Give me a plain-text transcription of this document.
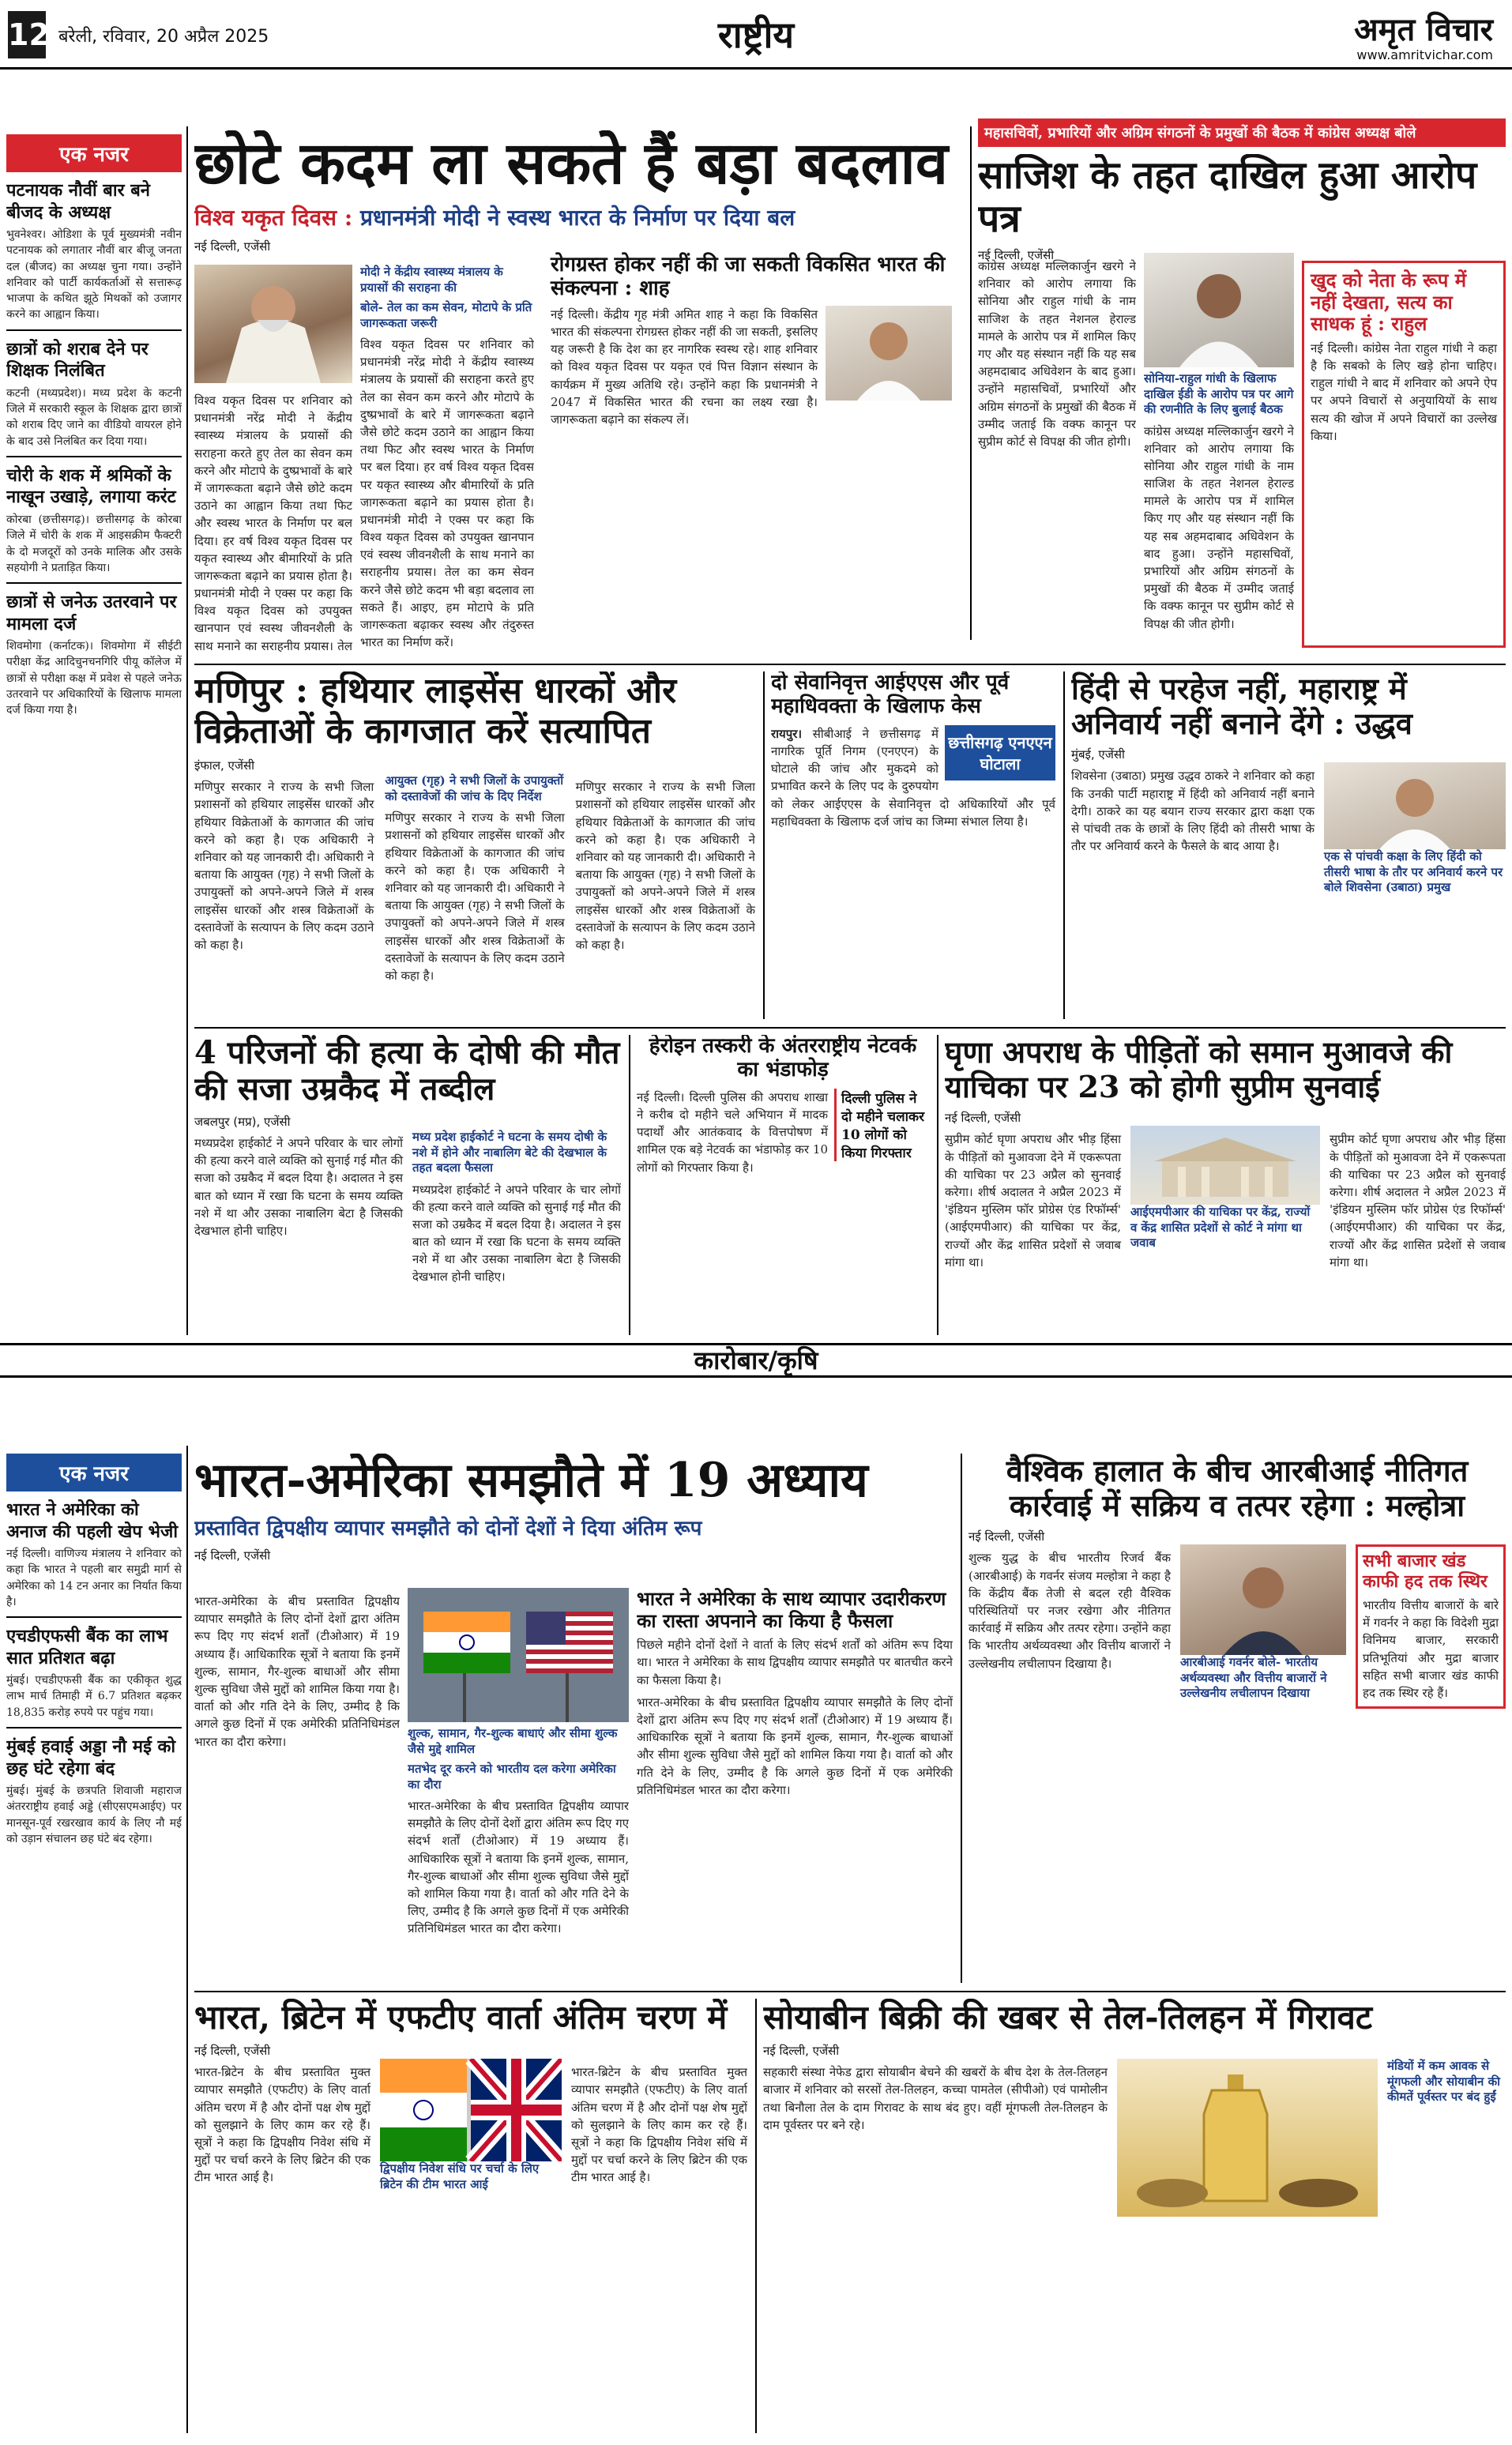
12 बरेली, रविवार, 20 अप्रैल 2025	राष्ट्रीय	अमृत विचार
www.amritvichar.com
एक नजर
पटनायक नौवीं बार बने बीजद के अध्यक्ष
भुवनेश्वर। ओडिशा के पूर्व मुख्यमंत्री नवीन पटनायक को लगातार नौवीं बार बीजू जनता दल (बीजद) का अध्यक्ष चुना गया। उन्होंने शनिवार को पार्टी कार्यकर्ताओं से सत्तारूढ़ भाजपा के कथित झूठे मिथकों को उजागर करने का आह्वान किया।
छात्रों को शराब देने पर शिक्षक निलंबित
कटनी (मध्यप्रदेश)। मध्य प्रदेश के कटनी जिले में सरकारी स्कूल के शिक्षक द्वारा छात्रों को शराब दिए जाने का वीडियो वायरल होने के बाद उसे निलंबित कर दिया गया।
चोरी के शक में श्रमिकों के नाखून उखाड़े, लगाया करंट
कोरबा (छत्तीसगढ़)। छत्तीसगढ़ के कोरबा जिले में चोरी के शक में आइसक्रीम फैक्टरी के दो मजदूरों को उनके मालिक और उसके सहयोगी ने प्रताड़ित किया।
छात्रों से जनेऊ उतरवाने पर मामला दर्ज
शिवमोगा (कर्नाटक)। शिवमोगा में सीईटी परीक्षा केंद्र आदिचुनचनगिरि पीयू कॉलेज में छात्रों से परीक्षा कक्ष में प्रवेश से पहले जनेऊ उतरवाने पर अधिकारियों के खिलाफ मामला दर्ज किया गया है।
छोटे कदम ला सकते हैं बड़ा बदलाव
विश्व यकृत दिवस : प्रधानमंत्री मोदी ने स्वस्थ भारत के निर्माण पर दिया बल
नई दिल्ली, एजेंसी
विश्व यकृत दिवस पर शनिवार को प्रधानमंत्री नरेंद्र मोदी ने केंद्रीय स्वास्थ्य मंत्रालय के प्रयासों की सराहना करते हुए तेल का सेवन कम करने और मोटापे के दुष्प्रभावों के बारे में जागरूकता बढ़ाने जैसे छोटे कदम उठाने का आह्वान किया तथा फिट और स्वस्थ भारत के निर्माण पर बल दिया। हर वर्ष विश्व यकृत दिवस पर यकृत स्वास्थ्य और बीमारियों के प्रति जागरूकता बढ़ाने का प्रयास होता है। प्रधानमंत्री मोदी ने एक्स पर कहा कि विश्व यकृत दिवस को उपयुक्त खानपान एवं स्वस्थ जीवनशैली के साथ मनाने का सराहनीय प्रयास। तेल
मोदी ने केंद्रीय स्वास्थ्य मंत्रालय के प्रयासों की सराहना की
बोले- तेल का कम सेवन, मोटापे के प्रति जागरूकता जरूरी
विश्व यकृत दिवस पर शनिवार को प्रधानमंत्री नरेंद्र मोदी ने केंद्रीय स्वास्थ्य मंत्रालय के प्रयासों की सराहना करते हुए तेल का सेवन कम करने और मोटापे के दुष्प्रभावों के बारे में जागरूकता बढ़ाने जैसे छोटे कदम उठाने का आह्वान किया तथा फिट और स्वस्थ भारत के निर्माण पर बल दिया। हर वर्ष विश्व यकृत दिवस पर यकृत स्वास्थ्य और बीमारियों के प्रति जागरूकता बढ़ाने का प्रयास होता है। प्रधानमंत्री मोदी ने एक्स पर कहा कि विश्व यकृत दिवस को उपयुक्त खानपान एवं स्वस्थ जीवनशैली के साथ मनाने का सराहनीय प्रयास। तेल का कम सेवन करने जैसे छोटे कदम भी बड़ा बदलाव ला सकते हैं। आइए, हम मोटापे के प्रति जागरूकता बढ़ाकर स्वस्थ और तंदुरुस्त भारत का निर्माण करें।
रोगग्रस्त होकर नहीं की जा सकती विकसित भारत की संकल्पना : शाह
नई दिल्ली। केंद्रीय गृह मंत्री अमित शाह ने कहा कि विकसित भारत की संकल्पना रोगग्रस्त होकर नहीं की जा सकती, इसलिए यह जरूरी है कि देश का हर नागरिक स्वस्थ रहे। शाह शनिवार को विश्व यकृत दिवस पर यकृत एवं पित्त विज्ञान संस्थान के कार्यक्रम में मुख्य अतिथि रहे। उन्होंने कहा कि प्रधानमंत्री ने 2047 में विकसित भारत की रचना का लक्ष्य रखा है। जागरूकता बढ़ाने का संकल्प लें।
महासचिवों, प्रभारियों और अग्रिम संगठनों के प्रमुखों की बैठक में कांग्रेस अध्यक्ष बोले
साजिश के तहत दाखिल हुआ आरोप पत्र
नई दिल्ली, एजेंसी
कांग्रेस अध्यक्ष मल्लिकार्जुन खरगे ने शनिवार को आरोप लगाया कि सोनिया और राहुल गांधी के नाम साजिश के तहत नेशनल हेराल्ड मामले के आरोप पत्र में शामिल किए गए और यह संस्थान नहीं कि यह सब अहमदाबाद अधिवेशन के बाद हुआ। उन्होंने महासचिवों, प्रभारियों और अग्रिम संगठनों के प्रमुखों की बैठक में उम्मीद जताई कि वक्फ कानून पर सुप्रीम कोर्ट से विपक्ष की जीत होगी।
सोनिया-राहुल गांधी के खिलाफ दाखिल ईडी के आरोप पत्र पर आगे की रणनीति के लिए बुलाई बैठक
कांग्रेस अध्यक्ष मल्लिकार्जुन खरगे ने शनिवार को आरोप लगाया कि सोनिया और राहुल गांधी के नाम साजिश के तहत नेशनल हेराल्ड मामले के आरोप पत्र में शामिल किए गए और यह संस्थान नहीं कि यह सब अहमदाबाद अधिवेशन के बाद हुआ। उन्होंने महासचिवों, प्रभारियों और अग्रिम संगठनों के प्रमुखों की बैठक में उम्मीद जताई कि वक्फ कानून पर सुप्रीम कोर्ट से विपक्ष की जीत होगी।
खुद को नेता के रूप में नहीं देखता, सत्य का साधक हूं : राहुल
नई दिल्ली। कांग्रेस नेता राहुल गांधी ने कहा है कि सबको के लिए खड़े होना चाहिए। राहुल गांधी ने बाद में शनिवार को अपने ऐप पर अपने विचारों से अनुयायियों के साथ सत्य की खोज में अपने विचारों का उल्लेख किया।
मणिपुर : हथियार लाइसेंस धारकों और विक्रेताओं के कागजात करें सत्यापित
इंफाल, एजेंसी
मणिपुर सरकार ने राज्य के सभी जिला प्रशासनों को हथियार लाइसेंस धारकों और हथियार विक्रेताओं के कागजात की जांच करने को कहा है। एक अधिकारी ने शनिवार को यह जानकारी दी। अधिकारी ने बताया कि आयुक्त (गृह) ने सभी जिलों के उपायुक्तों को अपने-अपने जिले में शस्त्र लाइसेंस धारकों और शस्त्र विक्रेताओं के दस्तावेजों के सत्यापन के लिए कदम उठाने को कहा है।
आयुक्त (गृह) ने सभी जिलों के उपायुक्तों को दस्तावेजों की जांच के दिए निर्देश
मणिपुर सरकार ने राज्य के सभी जिला प्रशासनों को हथियार लाइसेंस धारकों और हथियार विक्रेताओं के कागजात की जांच करने को कहा है। एक अधिकारी ने शनिवार को यह जानकारी दी। अधिकारी ने बताया कि आयुक्त (गृह) ने सभी जिलों के उपायुक्तों को अपने-अपने जिले में शस्त्र लाइसेंस धारकों और शस्त्र विक्रेताओं के दस्तावेजों के सत्यापन के लिए कदम उठाने को कहा है।
मणिपुर सरकार ने राज्य के सभी जिला प्रशासनों को हथियार लाइसेंस धारकों और हथियार विक्रेताओं के कागजात की जांच करने को कहा है। एक अधिकारी ने शनिवार को यह जानकारी दी। अधिकारी ने बताया कि आयुक्त (गृह) ने सभी जिलों के उपायुक्तों को अपने-अपने जिले में शस्त्र लाइसेंस धारकों और शस्त्र विक्रेताओं के दस्तावेजों के सत्यापन के लिए कदम उठाने को कहा है।
दो सेवानिवृत्त आईएएस और पूर्व महाधिवक्ता के खिलाफ केस
छत्तीसगढ़ एनएएन घोटाला
रायपुर। सीबीआई ने छत्तीसगढ़ में नागरिक पूर्ति निगम (एनएएन) के घोटाले की जांच और मुकदमे को प्रभावित करने के लिए पद के दुरुपयोग को लेकर आईएएस के सेवानिवृत्त दो अधिकारियों और पूर्व महाधिवक्ता के खिलाफ दर्ज जांच का जिम्मा संभाल लिया है।
हिंदी से परहेज नहीं, महाराष्ट्र में अनिवार्य नहीं बनाने देंगे : उद्धव
मुंबई, एजेंसी
शिवसेना (उबाठा) प्रमुख उद्धव ठाकरे ने शनिवार को कहा कि उनकी पार्टी महाराष्ट्र में हिंदी को अनिवार्य नहीं बनाने देगी। ठाकरे का यह बयान राज्य सरकार द्वारा कक्षा एक से पांचवी तक के छात्रों के लिए हिंदी को तीसरी भाषा के तौर पर अनिवार्य करने के फैसले के बाद आया है।
एक से पांचवी कक्षा के लिए हिंदी को तीसरी भाषा के तौर पर अनिवार्य करने पर बोले शिवसेना (उबाठा) प्रमुख
4 परिजनों की हत्या के दोषी की मौत की सजा उम्रकैद में तब्दील
जबलपुर (मप्र), एजेंसी
मध्यप्रदेश हाईकोर्ट ने अपने परिवार के चार लोगों की हत्या करने वाले व्यक्ति को सुनाई गई मौत की सजा को उम्रकैद में बदल दिया है। अदालत ने इस बात को ध्यान में रखा कि घटना के समय व्यक्ति नशे में था और उसका नाबालिग बेटा है जिसकी देखभाल होनी चाहिए।
मध्य प्रदेश हाईकोर्ट ने घटना के समय दोषी के नशे में होने और नाबालिग बेटे की देखभाल के तहत बदला फैसला
मध्यप्रदेश हाईकोर्ट ने अपने परिवार के चार लोगों की हत्या करने वाले व्यक्ति को सुनाई गई मौत की सजा को उम्रकैद में बदल दिया है। अदालत ने इस बात को ध्यान में रखा कि घटना के समय व्यक्ति नशे में था और उसका नाबालिग बेटा है जिसकी देखभाल होनी चाहिए।
हेरोइन तस्करी के अंतरराष्ट्रीय नेटवर्क का भंडाफोड़
दिल्ली पुलिस ने दो महीने चलाकर 10 लोगों को किया गिरफ्तार
नई दिल्ली। दिल्ली पुलिस की अपराध शाखा ने करीब दो महीने चले अभियान में मादक पदार्थों और आतंकवाद के वित्तपोषण में शामिल एक बड़े नेटवर्क का भंडाफोड़ कर 10 लोगों को गिरफ्तार किया है।
घृणा अपराध के पीड़ितों को समान मुआवजे की याचिका पर 23 को होगी सुप्रीम सुनवाई
नई दिल्ली, एजेंसी
सुप्रीम कोर्ट घृणा अपराध और भीड़ हिंसा के पीड़ितों को मुआवजा देने में एकरूपता की याचिका पर 23 अप्रैल को सुनवाई करेगा। शीर्ष अदालत ने अप्रैल 2023 में 'इंडियन मुस्लिम फॉर प्रोग्रेस एंड रिफॉर्म्स' (आईएमपीआर) की याचिका पर केंद्र, राज्यों और केंद्र शासित प्रदेशों से जवाब मांगा था।
आईएमपीआर की याचिका पर केंद्र, राज्यों व केंद्र शासित प्रदेशों से कोर्ट ने मांगा था जवाब
सुप्रीम कोर्ट घृणा अपराध और भीड़ हिंसा के पीड़ितों को मुआवजा देने में एकरूपता की याचिका पर 23 अप्रैल को सुनवाई करेगा। शीर्ष अदालत ने अप्रैल 2023 में 'इंडियन मुस्लिम फॉर प्रोग्रेस एंड रिफॉर्म्स' (आईएमपीआर) की याचिका पर केंद्र, राज्यों और केंद्र शासित प्रदेशों से जवाब मांगा था।
कारोबार/कृषि
एक नजर
भारत ने अमेरिका को अनाज की पहली खेप भेजी
नई दिल्ली। वाणिज्य मंत्रालय ने शनिवार को कहा कि भारत ने पहली बार समुद्री मार्ग से अमेरिका को 14 टन अनार का निर्यात किया है।
एचडीएफसी बैंक का लाभ सात प्रतिशत बढ़ा
मुंबई। एचडीएफसी बैंक का एकीकृत शुद्ध लाभ मार्च तिमाही में 6.7 प्रतिशत बढ़कर 18,835 करोड़ रुपये पर पहुंच गया।
मुंबई हवाई अड्डा नौ मई को छह घंटे रहेगा बंद
मुंबई। मुंबई के छत्रपति शिवाजी महाराज अंतरराष्ट्रीय हवाई अड्डे (सीएसएमआईए) पर मानसून-पूर्व रखरखाव कार्य के लिए नौ मई को उड़ान संचालन छह घंटे बंद रहेगा।
भारत-अमेरिका समझौते में 19 अध्याय
प्रस्तावित द्विपक्षीय व्यापार समझौते को दोनों देशों ने दिया अंतिम रूप
नई दिल्ली, एजेंसी
भारत-अमेरिका के बीच प्रस्तावित द्विपक्षीय व्यापार समझौते के लिए दोनों देशों द्वारा अंतिम रूप दिए गए संदर्भ शर्तों (टीओआर) में 19 अध्याय हैं। आधिकारिक सूत्रों ने बताया कि इनमें शुल्क, सामान, गैर-शुल्क बाधाओं और सीमा शुल्क सुविधा जैसे मुद्दों को शामिल किया गया है। वार्ता को और गति देने के लिए, उम्मीद है कि अगले कुछ दिनों में एक अमेरिकी प्रतिनिधिमंडल भारत का दौरा करेगा।
शुल्क, सामान, गैर-शुल्क बाधाएं और सीमा शुल्क जैसे मुद्दे शामिल
मतभेद दूर करने को भारतीय दल करेगा अमेरिका का दौरा
भारत-अमेरिका के बीच प्रस्तावित द्विपक्षीय व्यापार समझौते के लिए दोनों देशों द्वारा अंतिम रूप दिए गए संदर्भ शर्तों (टीओआर) में 19 अध्याय हैं। आधिकारिक सूत्रों ने बताया कि इनमें शुल्क, सामान, गैर-शुल्क बाधाओं और सीमा शुल्क सुविधा जैसे मुद्दों को शामिल किया गया है। वार्ता को और गति देने के लिए, उम्मीद है कि अगले कुछ दिनों में एक अमेरिकी प्रतिनिधिमंडल भारत का दौरा करेगा।
भारत ने अमेरिका के साथ व्यापार उदारीकरण का रास्ता अपनाने का किया है फैसला
पिछले महीने दोनों देशों ने वार्ता के लिए संदर्भ शर्तों को अंतिम रूप दिया था। भारत ने अमेरिका के साथ द्विपक्षीय व्यापार समझौते पर बातचीत करने का फैसला किया है।
भारत-अमेरिका के बीच प्रस्तावित द्विपक्षीय व्यापार समझौते के लिए दोनों देशों द्वारा अंतिम रूप दिए गए संदर्भ शर्तों (टीओआर) में 19 अध्याय हैं। आधिकारिक सूत्रों ने बताया कि इनमें शुल्क, सामान, गैर-शुल्क बाधाओं और सीमा शुल्क सुविधा जैसे मुद्दों को शामिल किया गया है। वार्ता को और गति देने के लिए, उम्मीद है कि अगले कुछ दिनों में एक अमेरिकी प्रतिनिधिमंडल भारत का दौरा करेगा।
वैश्विक हालात के बीच आरबीआई नीतिगत कार्रवाई में सक्रिय व तत्पर रहेगा : मल्होत्रा
नई दिल्ली, एजेंसी
शुल्क युद्ध के बीच भारतीय रिजर्व बैंक (आरबीआई) के गवर्नर संजय मल्होत्रा ने कहा है कि केंद्रीय बैंक तेजी से बदल रही वैश्विक परिस्थितियों पर नजर रखेगा और नीतिगत कार्रवाई में सक्रिय और तत्पर रहेगा। उन्होंने कहा कि भारतीय अर्थव्यवस्था और वित्तीय बाजारों ने उल्लेखनीय लचीलापन दिखाया है।	आरबीआई गवर्नर बोले- भारतीय अर्थव्यवस्था और वित्तीय बाजारों ने उल्लेखनीय लचीलापन दिखाया
सभी बाजार खंड काफी हद तक स्थिर
भारतीय वित्तीय बाजारों के बारे में गवर्नर ने कहा कि विदेशी मुद्रा विनिमय बाजार, सरकारी प्रतिभूतियां और मुद्रा बाजार सहित सभी बाजार खंड काफी हद तक स्थिर रहे हैं।
भारत, ब्रिटेन में एफटीए वार्ता अंतिम चरण में
नई दिल्ली, एजेंसी
भारत-ब्रिटेन के बीच प्रस्तावित मुक्त व्यापार समझौते (एफटीए) के लिए वार्ता अंतिम चरण में है और दोनों पक्ष शेष मुद्दों को सुलझाने के लिए काम कर रहे हैं। सूत्रों ने कहा कि द्विपक्षीय निवेश संधि में मुद्दों पर चर्चा करने के लिए ब्रिटेन की एक टीम भारत आई है।
द्विपक्षीय निवेश संधि पर चर्चा के लिए ब्रिटेन की टीम भारत आई
भारत-ब्रिटेन के बीच प्रस्तावित मुक्त व्यापार समझौते (एफटीए) के लिए वार्ता अंतिम चरण में है और दोनों पक्ष शेष मुद्दों को सुलझाने के लिए काम कर रहे हैं। सूत्रों ने कहा कि द्विपक्षीय निवेश संधि में मुद्दों पर चर्चा करने के लिए ब्रिटेन की एक टीम भारत आई है।
सोयाबीन बिक्री की खबर से तेल-तिलहन में गिरावट
नई दिल्ली, एजेंसी
सहकारी संस्था नेफेड द्वारा सोयाबीन बेचने की खबरों के बीच देश के तेल-तिलहन बाजार में शनिवार को सरसों तेल-तिलहन, कच्चा पामतेल (सीपीओ) एवं पामोलीन तथा बिनौला तेल के दाम गिरावट के साथ बंद हुए। वहीं मूंगफली तेल-तिलहन के दाम पूर्वस्तर पर बने रहे।
मंडियों में कम आवक से मूंगफली और सोयाबीन की कीमतें पूर्वस्तर पर बंद हुईं
